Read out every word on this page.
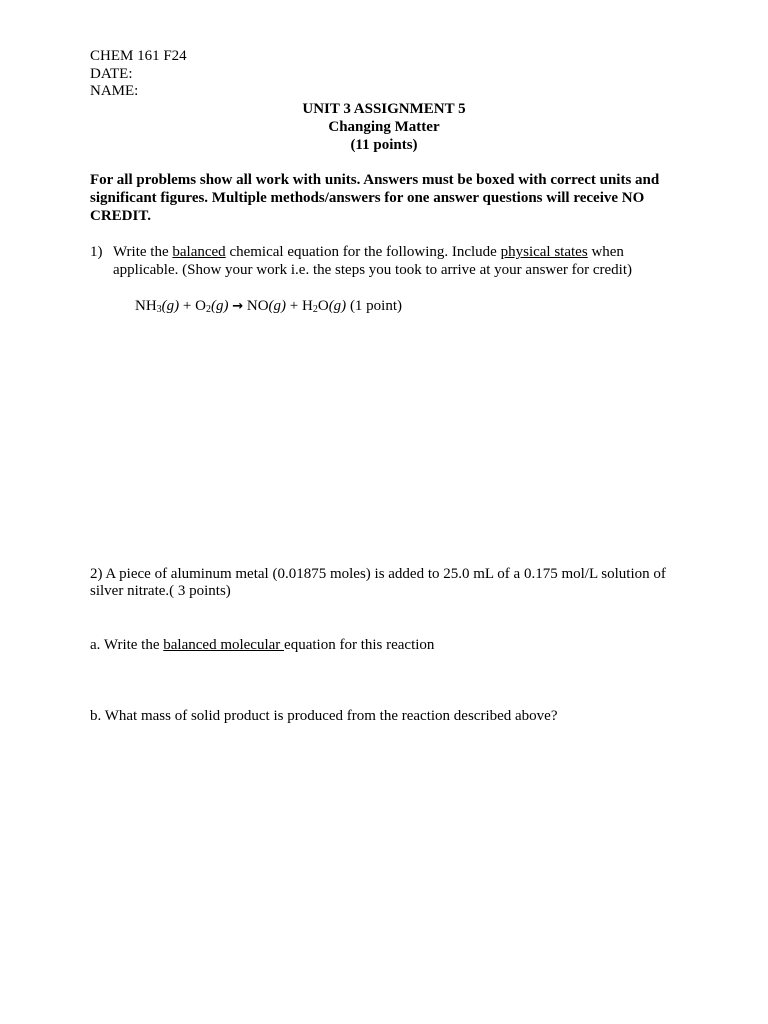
CHEM 161 F24
DATE:
NAME:
UNIT 3 ASSIGNMENT 5
Changing Matter
(11 points)
For all problems show all work with units. Answers must be boxed with correct units and
significant figures. Multiple methods/answers for one answer questions will receive NO
CREDIT.
1) Write the balanced chemical equation for the following. Include physical states when
applicable. (Show your work i.e. the steps you took to arrive at your answer for credit)
$NH_3(g) + O_2(g) \to NO(g) + H_2O(g)$ (1 point)
2) A piece of aluminum metal (0.01875 moles) is added to 25.0 mL of a 0.175 mol/L solution of
silver nitrate.( 3 points)
a. Write the balanced molecular equation for this reaction
b. What mass of solid product is produced from the reaction described above?
